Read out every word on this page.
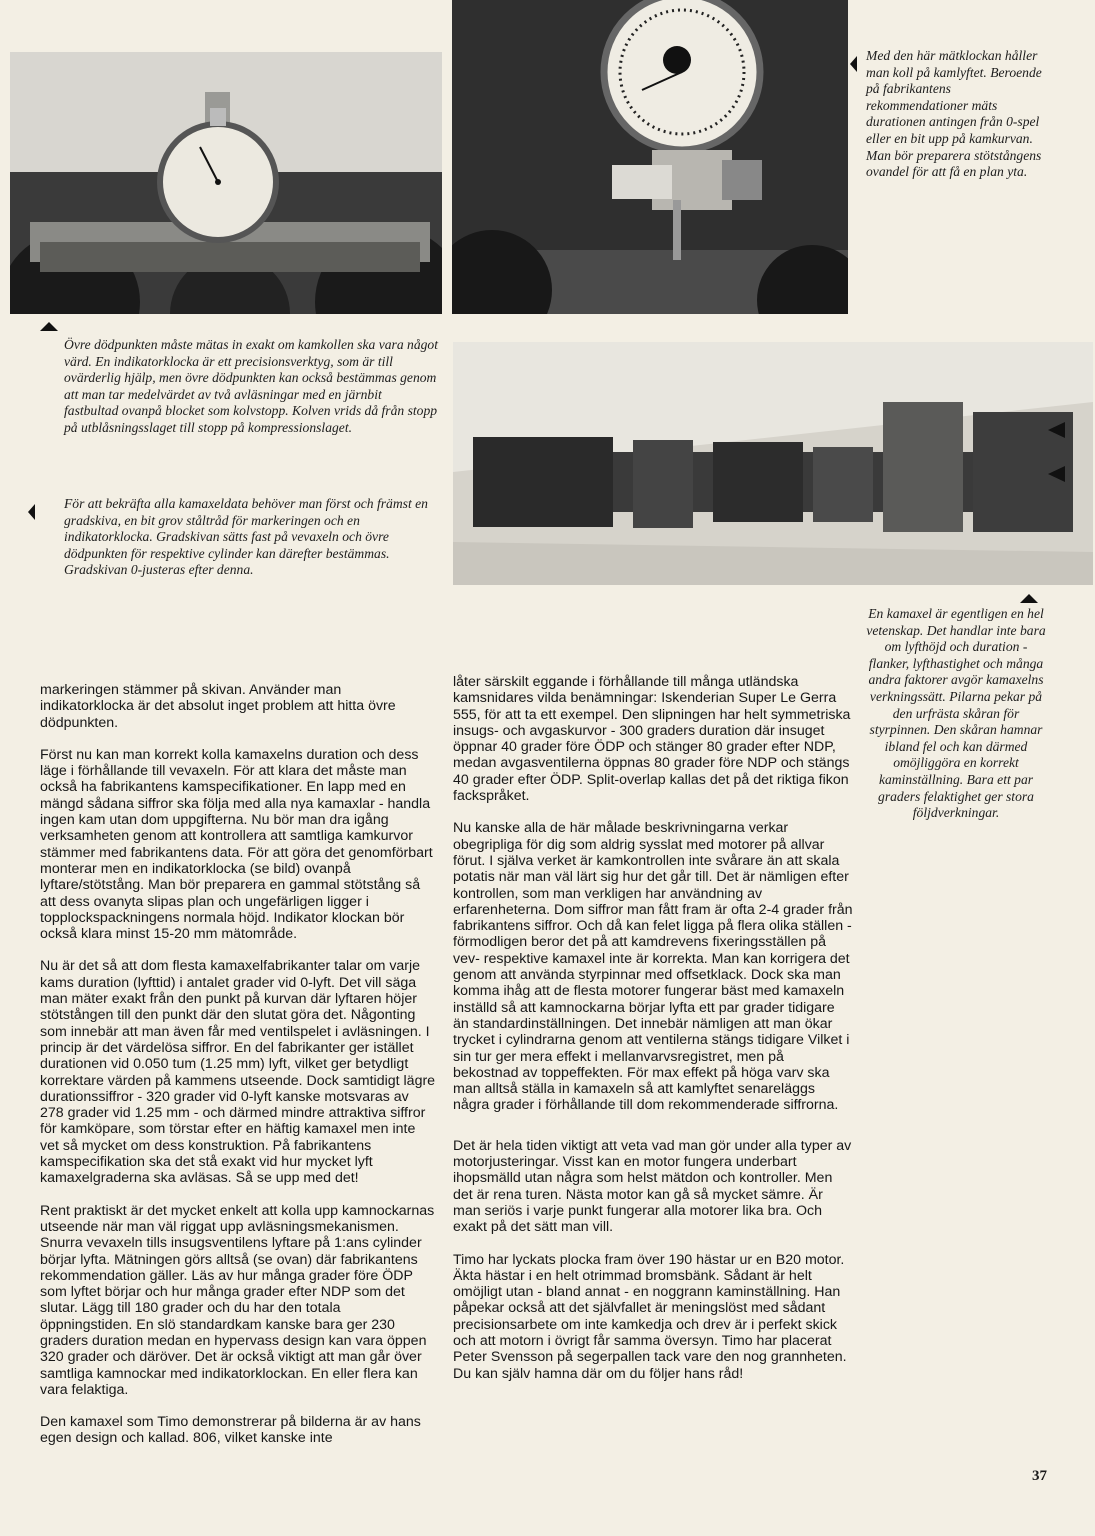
Med den här mätklockan håller man koll på kamlyftet. Beroende på fabrikantens rekommendationer mäts durationen antingen från 0-spel eller en bit upp på kamkurvan. Man bör preparera stötstångens ovandel för att få en plan yta.

Övre dödpunkten måste mätas in exakt om kamkollen ska vara något värd. En indikatorklocka är ett precisionsverktyg, som är till ovärderlig hjälp, men övre dödpunkten kan också bestämmas genom att man tar medelvärdet av två avläsningar med en järnbit fastbultad ovanpå blocket som kolvstopp. Kolven vrids då från stopp på utblåsningsslaget till stopp på kompressionslaget.

För att bekräfta alla kamaxeldata behöver man först och främst en gradskiva, en bit grov ståltråd för markeringen och en indikatorklocka. Gradskivan sätts fast på vevaxeln och övre dödpunkten för respektive cylinder kan därefter bestämmas. Gradskivan 0-justeras efter denna.

En kamaxel är egentligen en hel vetenskap. Det handlar inte bara om lyfthöjd och duration - flanker, lyfthastighet och många andra faktorer avgör kamaxelns verkningssätt. Pilarna pekar på den urfrästa skåran för styrpinnen. Den skåran hamnar ibland fel och kan därmed omöjliggöra en korrekt kaminställning. Bara ett par graders felaktighet ger stora följdverkningar.

markeringen stämmer på skivan. Använder man indikatorklocka är det absolut inget problem att hitta övre dödpunkten.

Först nu kan man korrekt kolla kamaxelns duration och dess läge i förhållande till vevaxeln. För att klara det måste man också ha fabrikantens kamspecifikationer. En lapp med en mängd sådana siffror ska följa med alla nya kamaxlar - handla ingen kam utan dom uppgifterna. Nu bör man dra igång verksamheten genom att kontrollera att samtliga kamkurvor stämmer med fabrikantens data. För att göra det genomförbart monterar men en indikatorklocka (se bild) ovanpå lyftare/stötstång. Man bör preparera en gammal stötstång så att dess ovanyta slipas plan och ungefärligen ligger i topplockspackningens normala höjd. Indikator klockan bör också klara minst 15-20 mm mätområde.

Nu är det så att dom flesta kamaxelfabrikanter talar om varje kams duration (lyfttid) i antalet grader vid 0-lyft. Det vill säga man mäter exakt från den punkt på kurvan där lyftaren höjer stötstången till den punkt där den slutat göra det. Någonting som innebär att man även får med ventilspelet i avläsningen. I princip är det värdelösa siffror. En del fabrikanter ger istället durationen vid 0.050 tum (1.25 mm) lyft, vilket ger betydligt korrektare värden på kammens utseende. Dock samtidigt lägre durationssiffror - 320 grader vid 0-lyft kanske motsvaras av 278 grader vid 1.25 mm - och därmed mindre attraktiva siffror för kamköpare, som törstar efter en häftig kamaxel men inte vet så mycket om dess konstruktion. På fabrikantens kamspecifikation ska det stå exakt vid hur mycket lyft kamaxelgraderna ska avläsas. Så se upp med det!

Rent praktiskt är det mycket enkelt att kolla upp kamnockarnas utseende när man väl riggat upp avläsningsmekanismen. Snurra vevaxeln tills insugsventilens lyftare på 1:ans cylinder börjar lyfta. Mätningen görs alltså (se ovan) där fabrikantens rekommendation gäller. Läs av hur många grader före ÖDP som lyftet börjar och hur många grader efter NDP som det slutar. Lägg till 180 grader och du har den totala öppningstiden. En slö standardkam kanske bara ger 230 graders duration medan en hypervass design kan vara öppen 320 grader och däröver. Det är också viktigt att man går över samtliga kamnockar med indikatorklockan. En eller flera kan vara felaktiga.

Den kamaxel som Timo demonstrerar på bilderna är av hans egen design och kallad. 806, vilket kanske inte

låter särskilt eggande i förhållande till många utländska kamsnidares vilda benämningar: Iskenderian Super Le Gerra 555, för att ta ett exempel. Den slipningen har helt symmetriska insugs- och avgaskurvor - 300 graders duration där insuget öppnar 40 grader före ÖDP och stänger 80 grader efter NDP, medan avgasventilerna öppnas 80 grader före NDP och stängs 40 grader efter ÖDP. Split-overlap kallas det på det riktiga fikon fackspråket.

Nu kanske alla de här målade beskrivningarna verkar obegripliga för dig som aldrig sysslat med motorer på allvar förut. I själva verket är kamkontrollen inte svårare än att skala potatis när man väl lärt sig hur det går till. Det är nämligen efter kontrollen, som man verkligen har användning av erfarenheterna. Dom siffror man fått fram är ofta 2-4 grader från fabrikantens siffror. Och då kan felet ligga på flera olika ställen - förmodligen beror det på att kamdrevens fixeringsställen på vev- respektive kamaxel inte är korrekta. Man kan korrigera det genom att använda styrpinnar med offsetklack. Dock ska man komma ihåg att de flesta motorer fungerar bäst med kamaxeln inställd så att kamnockarna börjar lyfta ett par grader tidigare än standardinställningen. Det innebär nämligen att man ökar trycket i cylindrarna genom att ventilerna stängs tidigare Vilket i sin tur ger mera effekt i mellanvarvsregistret, men på bekostnad av toppeffekten. För max effekt på höga varv ska man alltså ställa in kamaxeln så att kamlyftet senareläggs några grader i förhållande till dom rekommenderade siffrorna.

Det är hela tiden viktigt att veta vad man gör under alla typer av motorjusteringar. Visst kan en motor fungera underbart ihopsmälld utan några som helst mätdon och kontroller. Men det är rena turen. Nästa motor kan gå så mycket sämre. Är man seriös i varje punkt fungerar alla motorer lika bra. Och exakt på det sätt man vill.

Timo har lyckats plocka fram över 190 hästar ur en B20 motor. Äkta hästar i en helt otrimmad bromsbänk. Sådant är helt omöjligt utan - bland annat - en noggrann kaminställning. Han påpekar också att det självfallet är meningslöst med sådant precisionsarbete om inte kamkedja och drev är i perfekt skick och att motorn i övrigt får samma översyn. Timo har placerat Peter Svensson på segerpallen tack vare den nog grannheten. Du kan själv hamna där om du följer hans råd!

37
